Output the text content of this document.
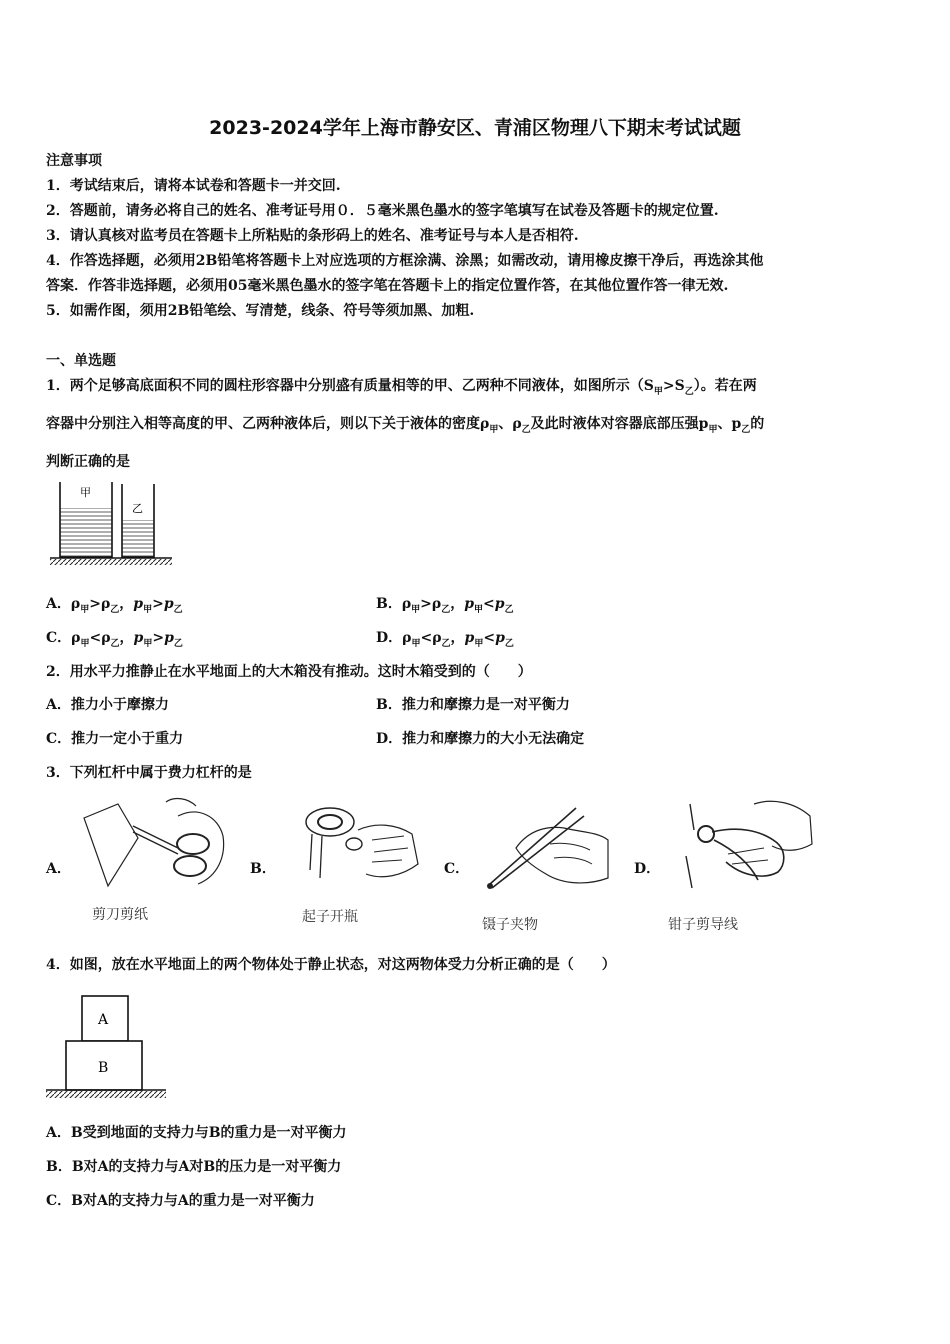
2023-2024学年上海市静安区、青浦区物理八下期末考试试题
注意事项
1．考试结束后，请将本试卷和答题卡一并交回.
2．答题前，请务必将自己的姓名、准考证号用０．５毫米黑色墨水的签字笔填写在试卷及答题卡的规定位置.
3．请认真核对监考员在答题卡上所粘贴的条形码上的姓名、准考证号与本人是否相符.
4．作答选择题，必须用2B铅笔将答题卡上对应选项的方框涂满、涂黑；如需改动，请用橡皮擦干净后，再选涂其他
答案．作答非选择题，必须用05毫米黑色墨水的签字笔在答题卡上的指定位置作答，在其他位置作答一律无效.
5．如需作图，须用2B铅笔绘、写清楚，线条、符号等须加黑、加粗.
一、单选题
1．两个足够高底面积不同的圆柱形容器中分别盛有质量相等的甲、乙两种不同液体，如图所示$(S_甲>S_乙)$。若在两
容器中分别注入相等高度的甲、乙两种液体后，则以下关于液体的密度$\rho_甲$、$\rho_乙$及此时液体对容器底部压强$p_甲$、$p_乙$的
判断正确的是
甲
乙
A．$\rho_甲>\rho_乙$，$p_甲>p_乙$	B．$\rho_甲>\rho_乙$，$p_甲<p_乙$
C．$\rho_甲<\rho_乙$，$p_甲>p_乙$	D．$\rho_甲<\rho_乙$，$p_甲<p_乙$
2．用水平力推静止在水平地面上的大木箱没有推动。这时木箱受到的（　　）
A．推力小于摩擦力	B．推力和摩擦力是一对平衡力
C．推力一定小于重力	D．推力和摩擦力的大小无法确定
3．下列杠杆中属于费力杠杆的是
A．
剪刀剪纸
B．
起子开瓶
C．
镊子夹物
D．
钳子剪导线
4．如图，放在水平地面上的两个物体处于静止状态，对这两物体受力分析正确的是（　　）
A
B
A．B受到地面的支持力与B的重力是一对平衡力
B．B对A的支持力与A对B的压力是一对平衡力
C．B对A的支持力与A的重力是一对平衡力
